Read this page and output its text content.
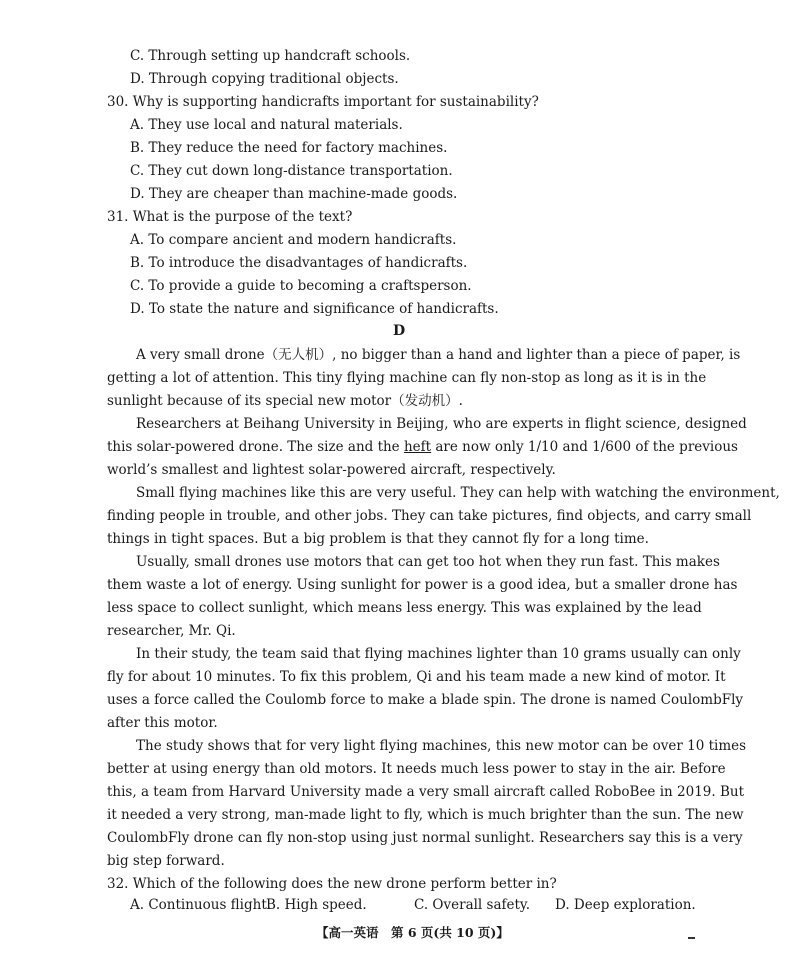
C. Through setting up handcraft schools.

D. Through copying traditional objects.

30. Why is supporting handicrafts important for sustainability?

A. They use local and natural materials.

B. They reduce the need for factory machines.

C. They cut down long-distance transportation.

D. They are cheaper than machine-made goods.

31. What is the purpose of the text?

A. To compare ancient and modern handicrafts.

B. To introduce the disadvantages of handicrafts.

C. To provide a guide to becoming a craftsperson.

D. To state the nature and significance of handicrafts.

D

A very small drone（无人机）, no bigger than a hand and lighter than a piece of paper, is

getting a lot of attention. This tiny flying machine can fly non-stop as long as it is in the

sunlight because of its special new motor（发动机）.

Researchers at Beihang University in Beijing, who are experts in flight science, designed

this solar-powered drone. The size and the heft are now only 1/10 and 1/600 of the previous

world’s smallest and lightest solar-powered aircraft, respectively.

Small flying machines like this are very useful. They can help with watching the environment,

finding people in trouble, and other jobs. They can take pictures, find objects, and carry small

things in tight spaces. But a big problem is that they cannot fly for a long time.

Usually, small drones use motors that can get too hot when they run fast. This makes

them waste a lot of energy. Using sunlight for power is a good idea, but a smaller drone has

less space to collect sunlight, which means less energy. This was explained by the lead

researcher, Mr. Qi.

In their study, the team said that flying machines lighter than 10 grams usually can only

fly for about 10 minutes. To fix this problem, Qi and his team made a new kind of motor. It

uses a force called the Coulomb force to make a blade spin. The drone is named CoulombFly

after this motor.

The study shows that for very light flying machines, this new motor can be over 10 times

better at using energy than old motors. It needs much less power to stay in the air. Before

this, a team from Harvard University made a very small aircraft called RoboBee in 2019. But

it needed a very strong, man-made light to fly, which is much brighter than the sun. The new

CoulombFly drone can fly non-stop using just normal sunlight. Researchers say this is a very

big step forward.

32. Which of the following does the new drone perform better in?

A. Continuous flight.
B. High speed.	C. Overall safety. D. Deep exploration.
【高一英语　第 6 页(共 10 页)】
